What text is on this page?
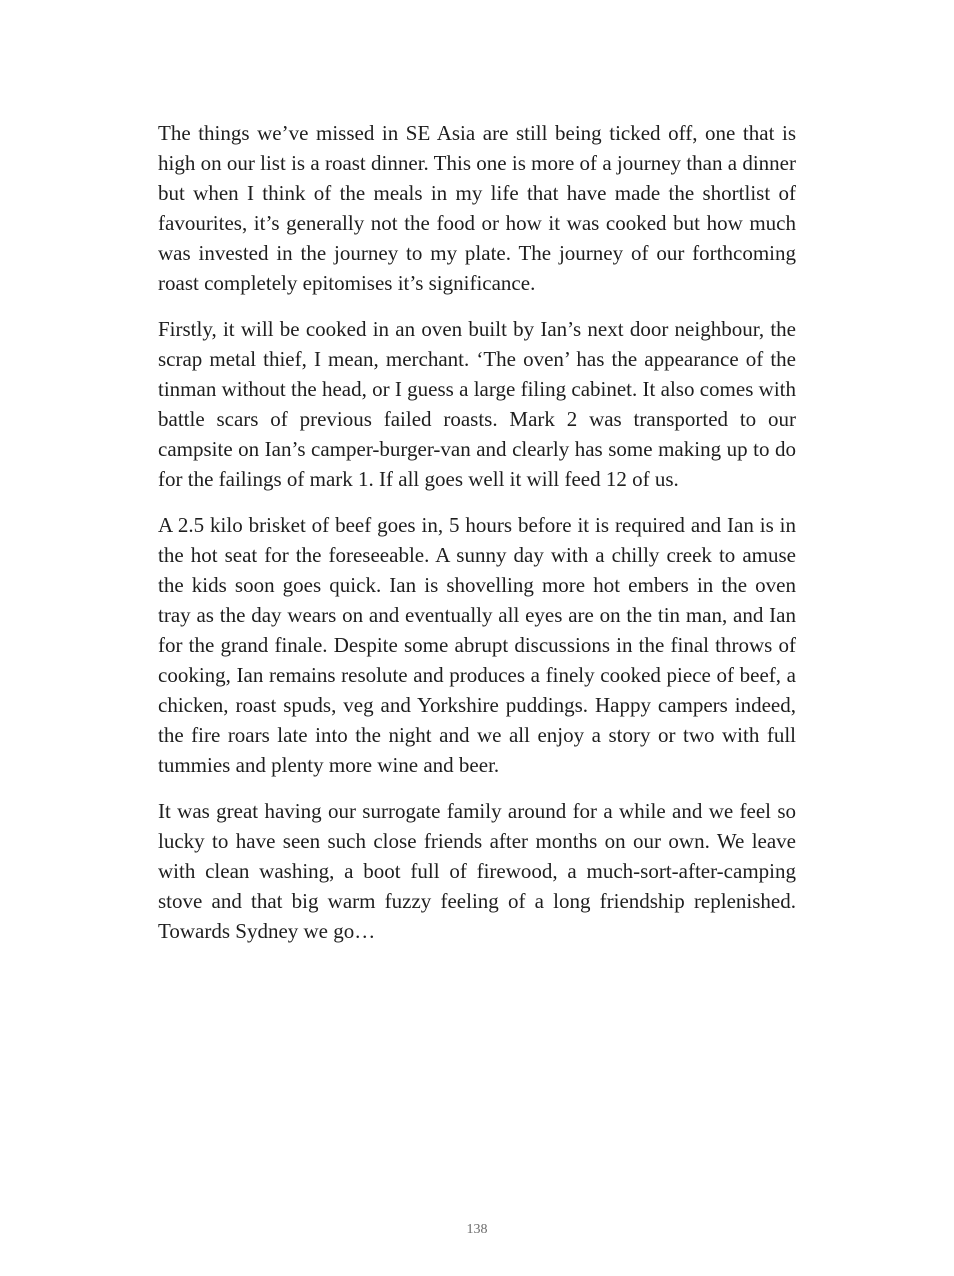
The things we’ve missed in SE Asia are still being ticked off, one that is high on our list is a roast dinner. This one is more of a journey than a dinner but when I think of the meals in my life that have made the shortlist of favourites, it’s generally not the food or how it was cooked but how much was invested in the journey to my plate. The journey of our forthcoming roast completely epitomises it’s significance.

Firstly, it will be cooked in an oven built by Ian’s next door neighbour, the scrap metal thief, I mean, merchant. ‘The oven’ has the appearance of the tinman without the head, or I guess a large filing cabinet. It also comes with battle scars of previous failed roasts. Mark 2 was transported to our campsite on Ian’s camper-burger-van and clearly has some making up to do for the failings of mark 1. If all goes well it will feed 12 of us.

A 2.5 kilo brisket of beef goes in, 5 hours before it is required and Ian is in the hot seat for the foreseeable. A sunny day with a chilly creek to amuse the kids soon goes quick. Ian is shovelling more hot embers in the oven tray as the day wears on and eventually all eyes are on the tin man, and Ian for the grand finale. Despite some abrupt discussions in the final throws of cooking, Ian remains resolute and produces a finely cooked piece of beef, a chicken, roast spuds, veg and Yorkshire puddings. Happy campers indeed, the fire roars late into the night and we all enjoy a story or two with full tummies and plenty more wine and beer.

It was great having our surrogate family around for a while and we feel so lucky to have seen such close friends after months on our own. We leave with clean washing, a boot full of firewood, a much-sort-after-camping stove and that big warm fuzzy feeling of a long friendship replenished. Towards Sydney we go…

138
